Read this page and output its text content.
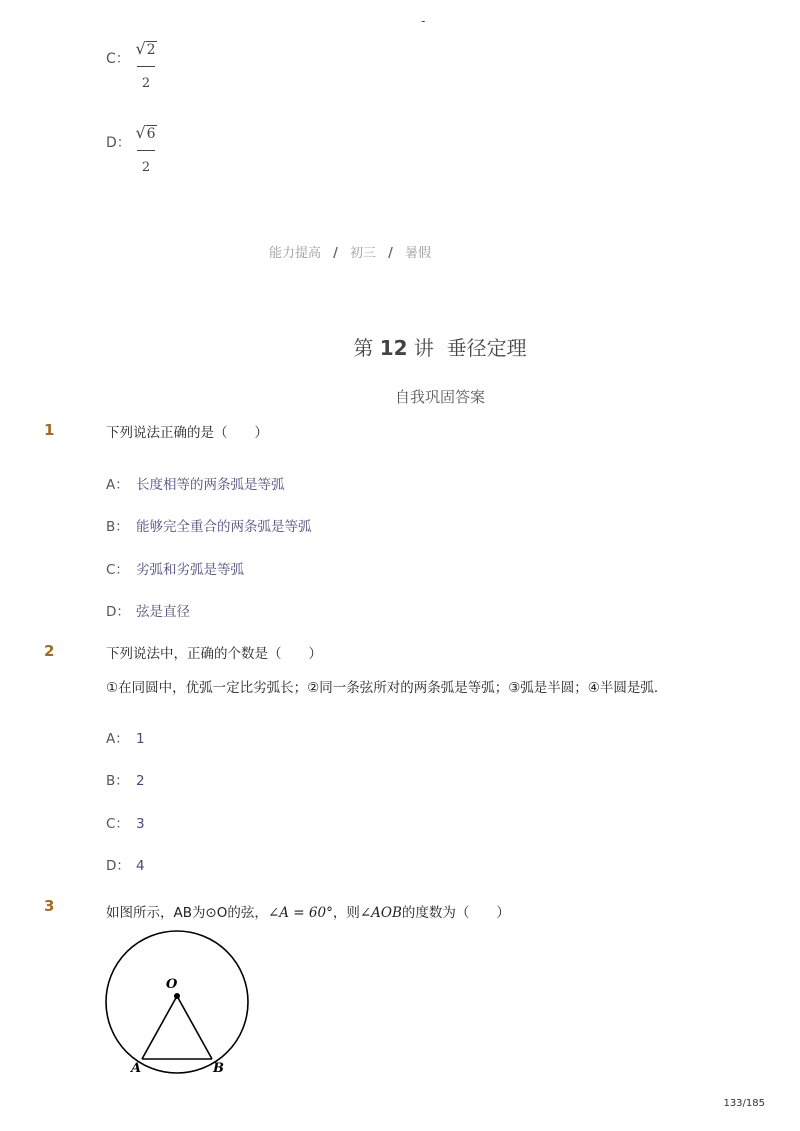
-
C：
√2
2
D：
√6
2
能力提高 / 初三 / 暑假
第 12 讲 垂径定理
自我巩固答案
1	下列说法正确的是（　　）
A： 长度相等的两条弧是等弧
B： 能够完全重合的两条弧是等弧
C： 劣弧和劣弧是等弧
D： 弦是直径
2	下列说法中，正确的个数是（　　）
①在同圆中，优弧一定比劣弧长；②同一条弦所对的两条弧是等弧；③弧是半圆；④半圆是弧．
A： 1
B： 2
C： 3
D： 4
3	如图所示，AB为⊙O的弦，∠A = 60°，则∠AOB的度数为（　　）
O
A	B
133/185
